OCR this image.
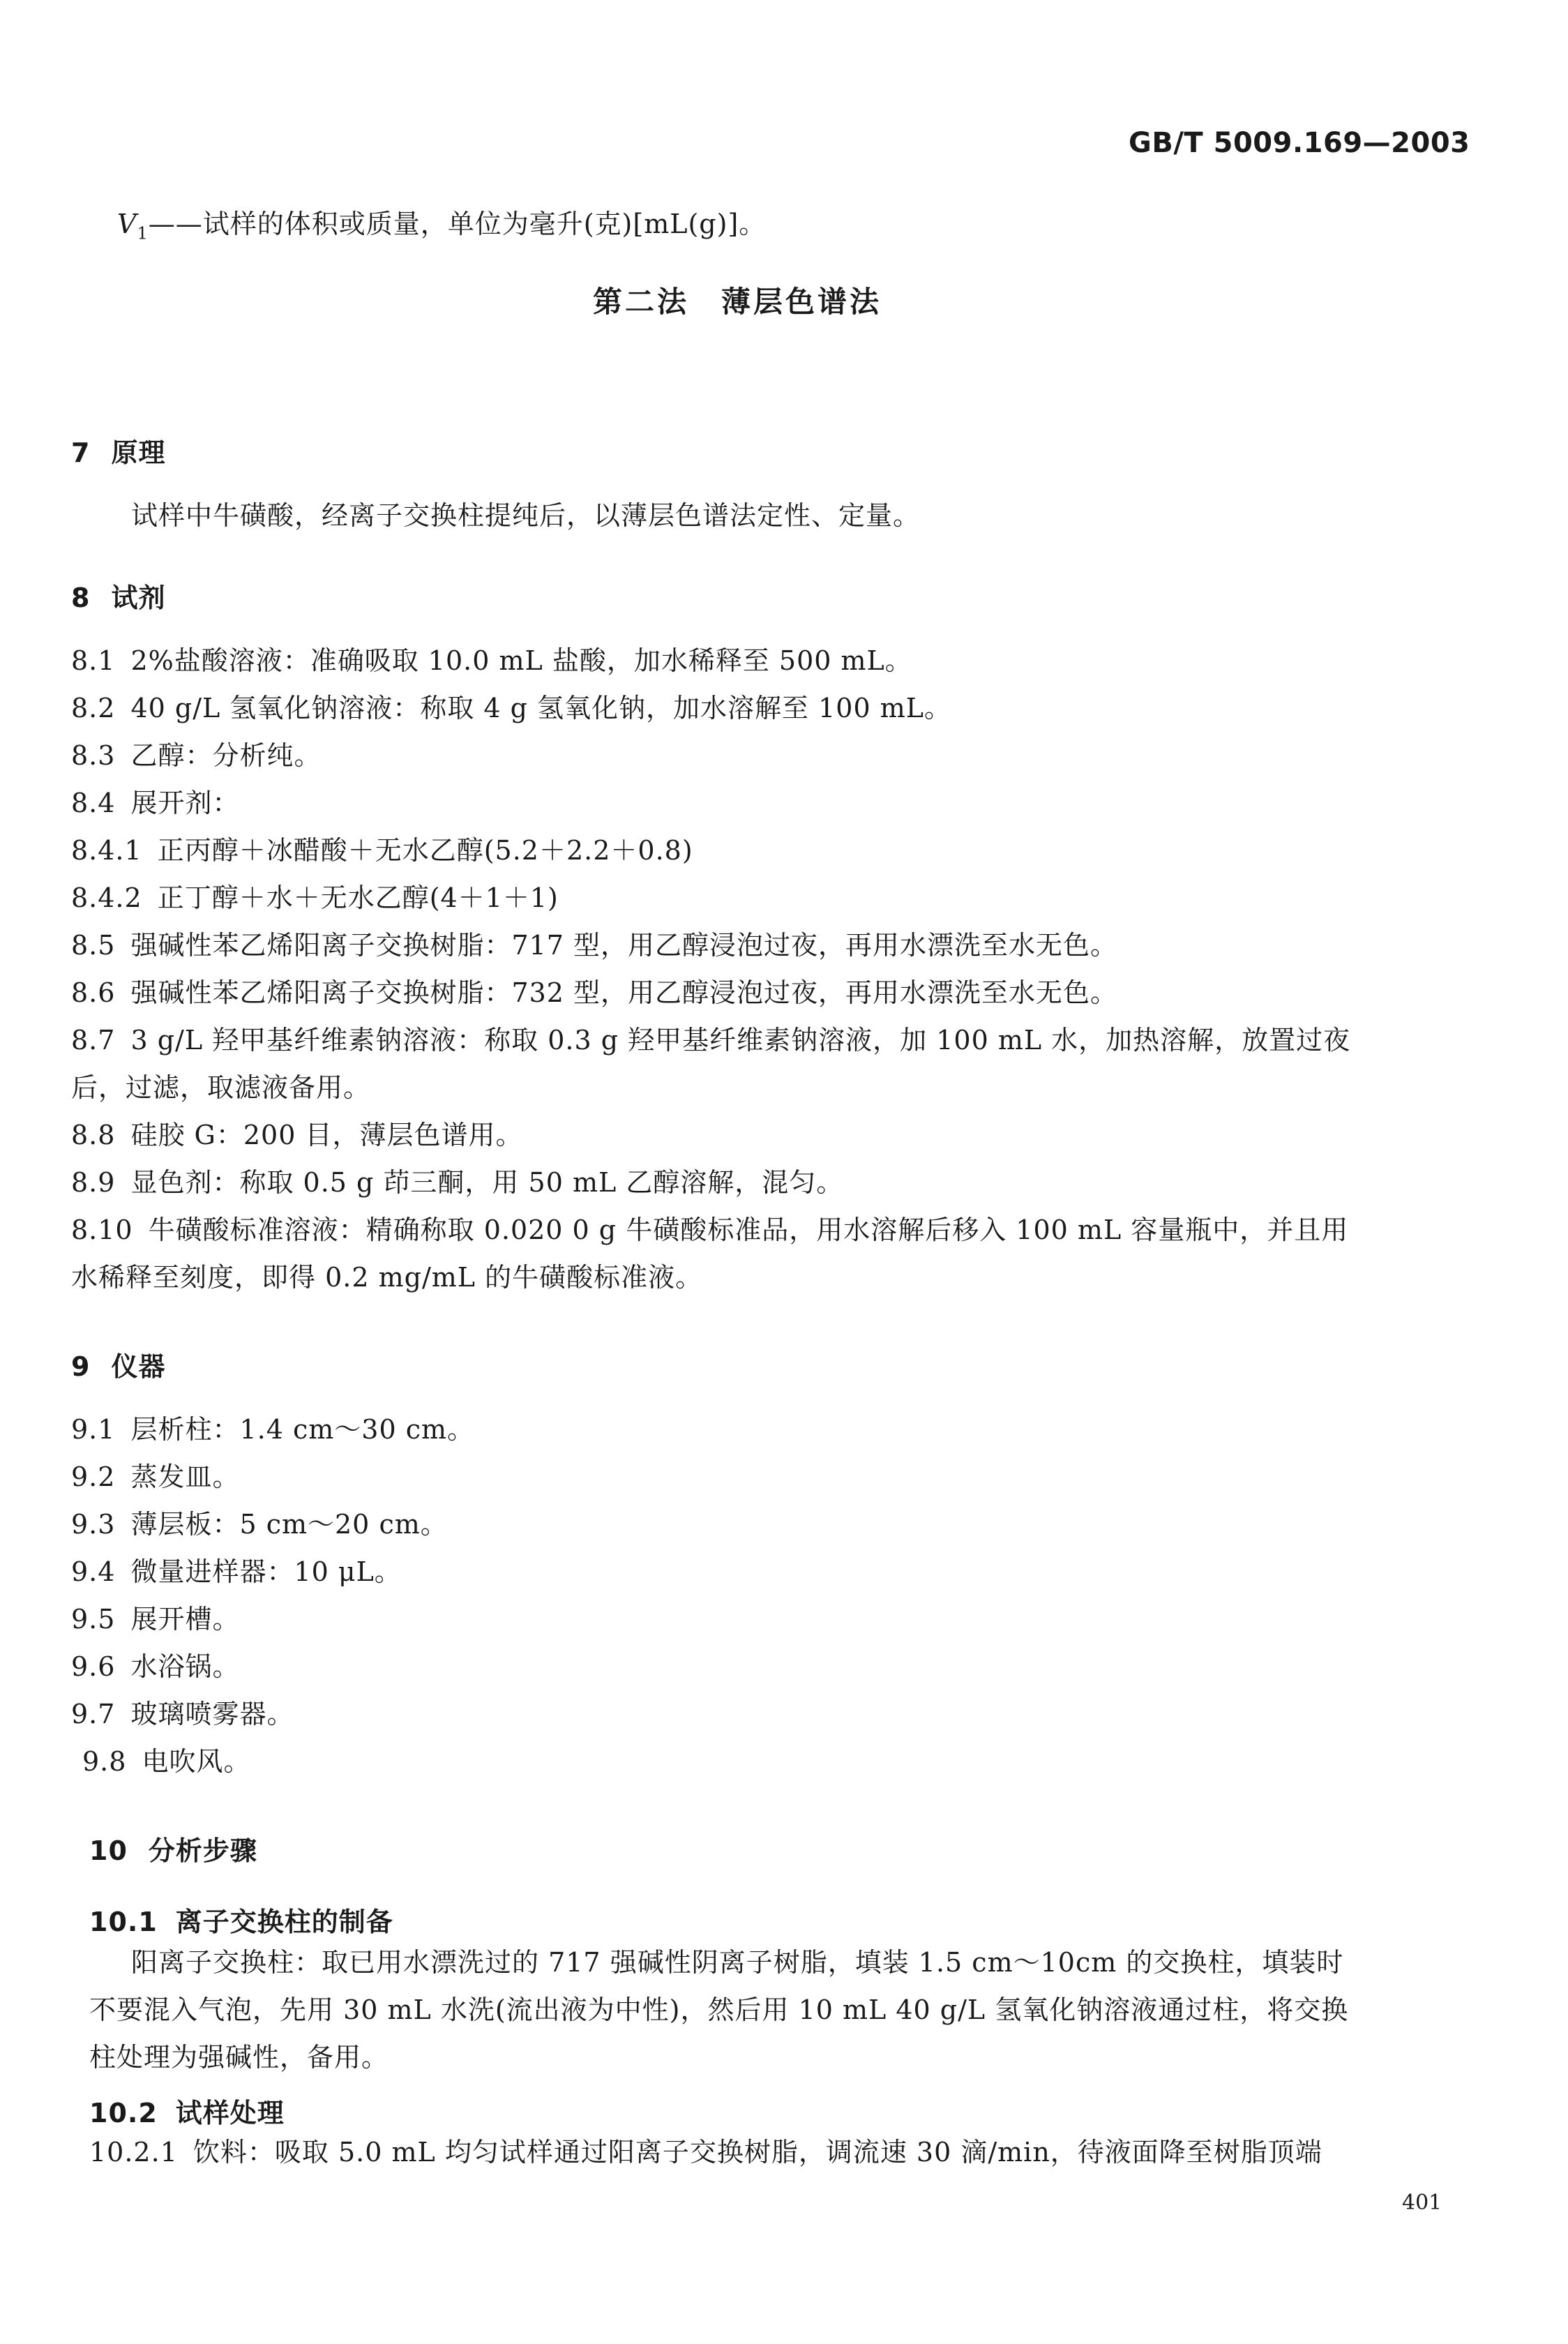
GB/T 5009.169—2003
$V_1——$试样的体积或质量，单位为毫升(克)[mL(g)]。
第二法　薄层色谱法
7 原理
试样中牛磺酸，经离子交换柱提纯后，以薄层色谱法定性、定量。
8 试剂
8.1 2%盐酸溶液：准确吸取 10.0 mL 盐酸，加水稀释至 500 mL。
8.2 40 g/L 氢氧化钠溶液：称取 4 g 氢氧化钠，加水溶解至 100 mL。
8.3 乙醇：分析纯。
8.4 展开剂：
8.4.1 正丙醇＋冰醋酸＋无水乙醇(5.2＋2.2＋0.8)
8.4.2 正丁醇＋水＋无水乙醇(4＋1＋1)
8.5 强碱性苯乙烯阳离子交换树脂：717 型，用乙醇浸泡过夜，再用水漂洗至水无色。
8.6 强碱性苯乙烯阳离子交换树脂：732 型，用乙醇浸泡过夜，再用水漂洗至水无色。
8.7 3 g/L 羟甲基纤维素钠溶液：称取 0.3 g 羟甲基纤维素钠溶液，加 100 mL 水，加热溶解，放置过夜
后，过滤，取滤液备用。
8.8 硅胶 G：200 目，薄层色谱用。
8.9 显色剂：称取 0.5 g 茚三酮，用 50 mL 乙醇溶解，混匀。
8.10 牛磺酸标准溶液：精确称取 0.020 0 g 牛磺酸标准品，用水溶解后移入 100 mL 容量瓶中，并且用
水稀释至刻度，即得 0.2 mg/mL 的牛磺酸标准液。
9 仪器
9.1 层析柱：1.4 cm～30 cm。
9.2 蒸发皿。
9.3 薄层板：5 cm～20 cm。
9.4 微量进样器：10 μL。
9.5 展开槽。
9.6 水浴锅。
9.7 玻璃喷雾器。
9.8 电吹风。
10 分析步骤
10.1 离子交换柱的制备
阳离子交换柱：取已用水漂洗过的 717 强碱性阴离子树脂，填装 1.5 cm～10cm 的交换柱，填装时
不要混入气泡，先用 30 mL 水洗(流出液为中性)，然后用 10 mL 40 g/L 氢氧化钠溶液通过柱，将交换
柱处理为强碱性，备用。
10.2 试样处理
10.2.1 饮料：吸取 5.0 mL 均匀试样通过阳离子交换树脂，调流速 30 滴/min，待液面降至树脂顶端
401
